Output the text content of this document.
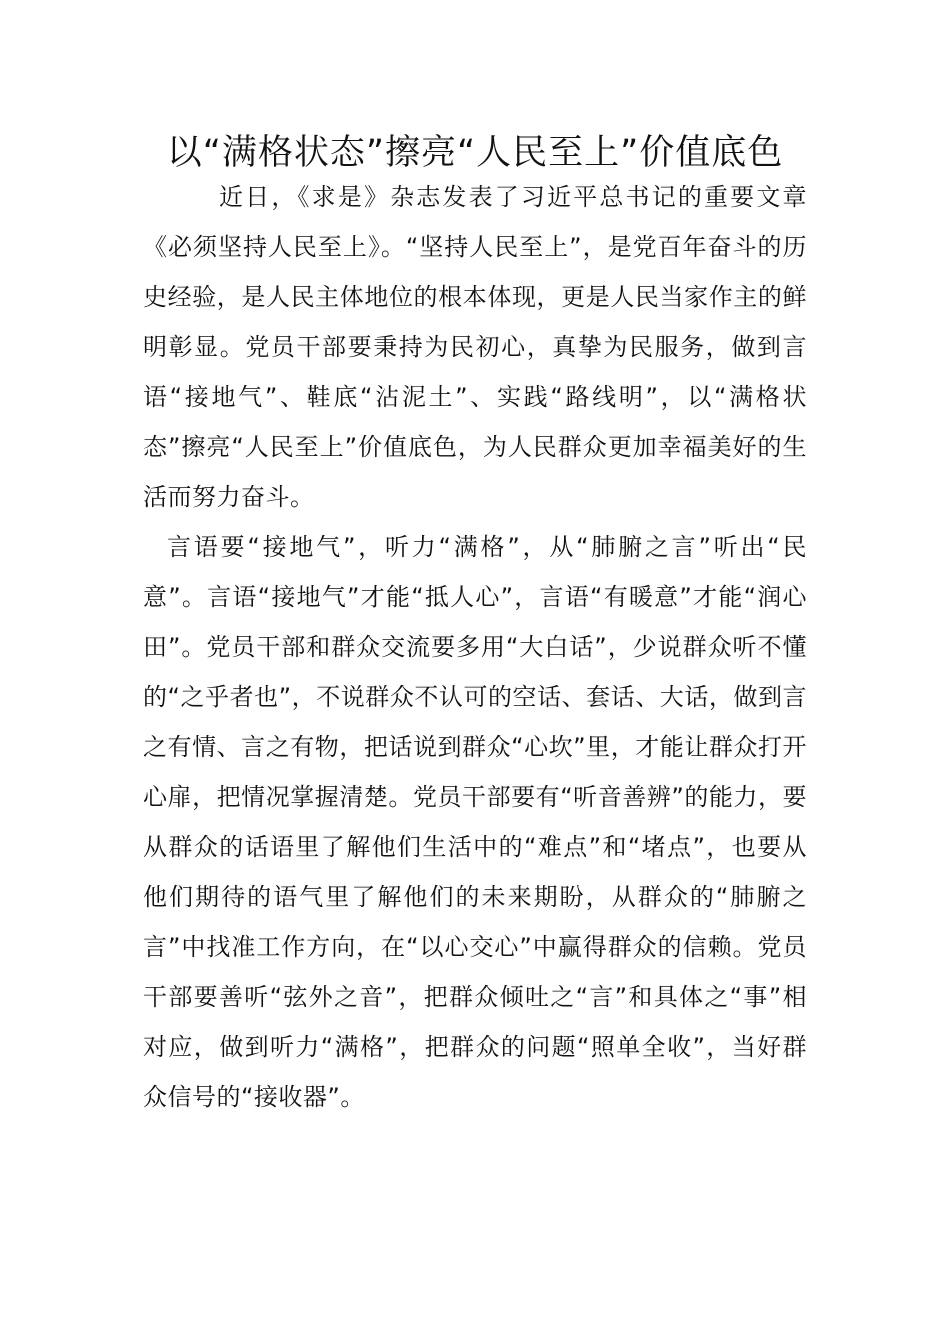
以“满格状态”擦亮“人民至上”价值底色

近日，《求是》杂志发表了习近平总书记的重要文章《必须坚持人民至上》。“坚持人民至上”，是党百年奋斗的历史经验，是人民主体地位的根本体现，更是人民当家作主的鲜明彰显。党员干部要秉持为民初心，真挚为民服务，做到言语“接地气”、鞋底“沾泥土”、实践“路线明”，以“满格状态”擦亮“人民至上”价值底色，为人民群众更加幸福美好的生活而努力奋斗。

言语要“接地气”，听力“满格”，从“肺腑之言”听出“民意”。言语“接地气”才能“抵人心”，言语“有暖意”才能“润心田”。党员干部和群众交流要多用“大白话”，少说群众听不懂的“之乎者也”，不说群众不认可的空话、套话、大话，做到言之有情、言之有物，把话说到群众“心坎”里，才能让群众打开心扉，把情况掌握清楚。党员干部要有“听音善辨”的能力，要从群众的话语里了解他们生活中的“难点”和“堵点”，也要从他们期待的语气里了解他们的未来期盼，从群众的“肺腑之言”中找准工作方向，在“以心交心”中赢得群众的信赖。党员干部要善听“弦外之音”，把群众倾吐之“言”和具体之“事”相对应，做到听力“满格”，把群众的问题“照单全收”，当好群众信号的“接收器”。
